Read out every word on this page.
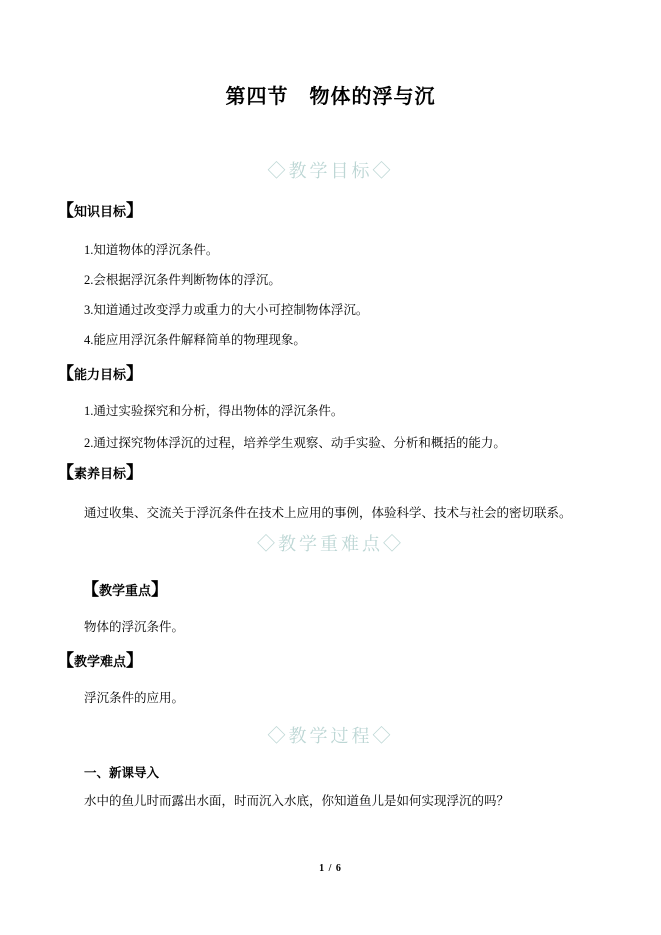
第四节　物体的浮与沉
◇教学目标◇
【知识目标】
1.知道物体的浮沉条件。
2.会根据浮沉条件判断物体的浮沉。
3.知道通过改变浮力或重力的大小可控制物体浮沉。
4.能应用浮沉条件解释简单的物理现象。
【能力目标】
1.通过实验探究和分析，得出物体的浮沉条件。
2.通过探究物体浮沉的过程，培养学生观察、动手实验、分析和概括的能力。
【素养目标】
通过收集、交流关于浮沉条件在技术上应用的事例，体验科学、技术与社会的密切联系。
◇教学重难点◇
【教学重点】
物体的浮沉条件。
【教学难点】
浮沉条件的应用。
◇教学过程◇
一、新课导入
水中的鱼儿时而露出水面，时而沉入水底，你知道鱼儿是如何实现浮沉的吗？
1 / 6
